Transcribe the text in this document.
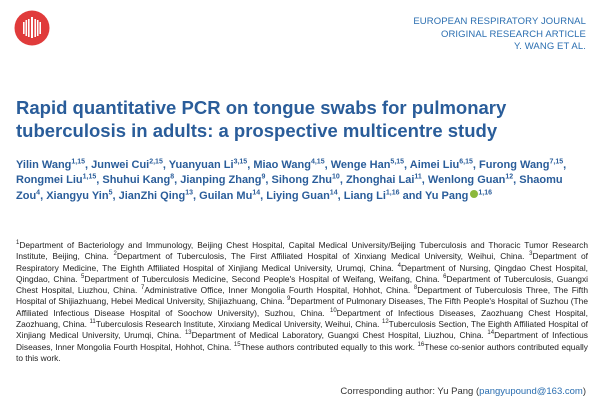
EUROPEAN RESPIRATORY JOURNAL
ORIGINAL RESEARCH ARTICLE
Y. WANG ET AL.
Rapid quantitative PCR on tongue swabs for pulmonary tuberculosis in adults: a prospective multicentre study
Yilin Wang$^{1,15}$, Junwei Cui$^{2,15}$, Yuanyuan Li$^{3,15}$, Miao Wang$^{4,15}$, Wenge Han$^{5,15}$, Aimei Liu$^{6,15}$, Furong Wang$^{7,15}$, Rongmei Liu$^{1,15}$, Shuhui Kang$^8$, Jianping Zhang$^9$, Sihong Zhu$^{10}$, Zhonghai Lai$^{11}$, Wenlong Guan$^{12}$, Shaomu Zou$^4$, Xiangyu Yin$^5$, JianZhi Qing$^{13}$, Guilan Mu$^{14}$, Liying Guan$^{14}$, Liang Li$^{1,16}$ and Yu Pang $^{1,16}$
$^1$Department of Bacteriology and Immunology, Beijing Chest Hospital, Capital Medical University/Beijing Tuberculosis and Thoracic Tumor Research Institute, Beijing, China. $^2$Department of Tuberculosis, The First Affiliated Hospital of Xinxiang Medical University, Weihui, China. $^3$Department of Respiratory Medicine, The Eighth Affiliated Hospital of Xinjiang Medical University, Urumqi, China. $^4$Department of Nursing, Qingdao Chest Hospital, Qingdao, China. $^5$Department of Tuberculosis Medicine, Second People's Hospital of Weifang, Weifang, China. $^6$Department of Tuberculosis, Guangxi Chest Hospital, Liuzhou, China. $^7$Administrative Office, Inner Mongolia Fourth Hospital, Hohhot, China. $^8$Department of Tuberculosis Three, The Fifth Hospital of Shijiazhuang, Hebei Medical University, Shijiazhuang, China. $^9$Department of Pulmonary Diseases, The Fifth People's Hospital of Suzhou (The Affiliated Infectious Disease Hospital of Soochow University), Suzhou, China. $^{10}$Department of Infectious Diseases, Zaozhuang Chest Hospital, Zaozhuang, China. $^{11}$Tuberculosis Research Institute, Xinxiang Medical University, Weihui, China. $^{12}$Tuberculosis Section, The Eighth Affiliated Hospital of Xinjiang Medical University, Urumqi, China. $^{13}$Department of Medical Laboratory, Guangxi Chest Hospital, Liuzhou, China. $^{14}$Department of Infectious Diseases, Inner Mongolia Fourth Hospital, Hohhot, China. $^{15}$These authors contributed equally to this work. $^{16}$These co-senior authors contributed equally to this work.
Corresponding author: Yu Pang (pangyupound@163.com)
